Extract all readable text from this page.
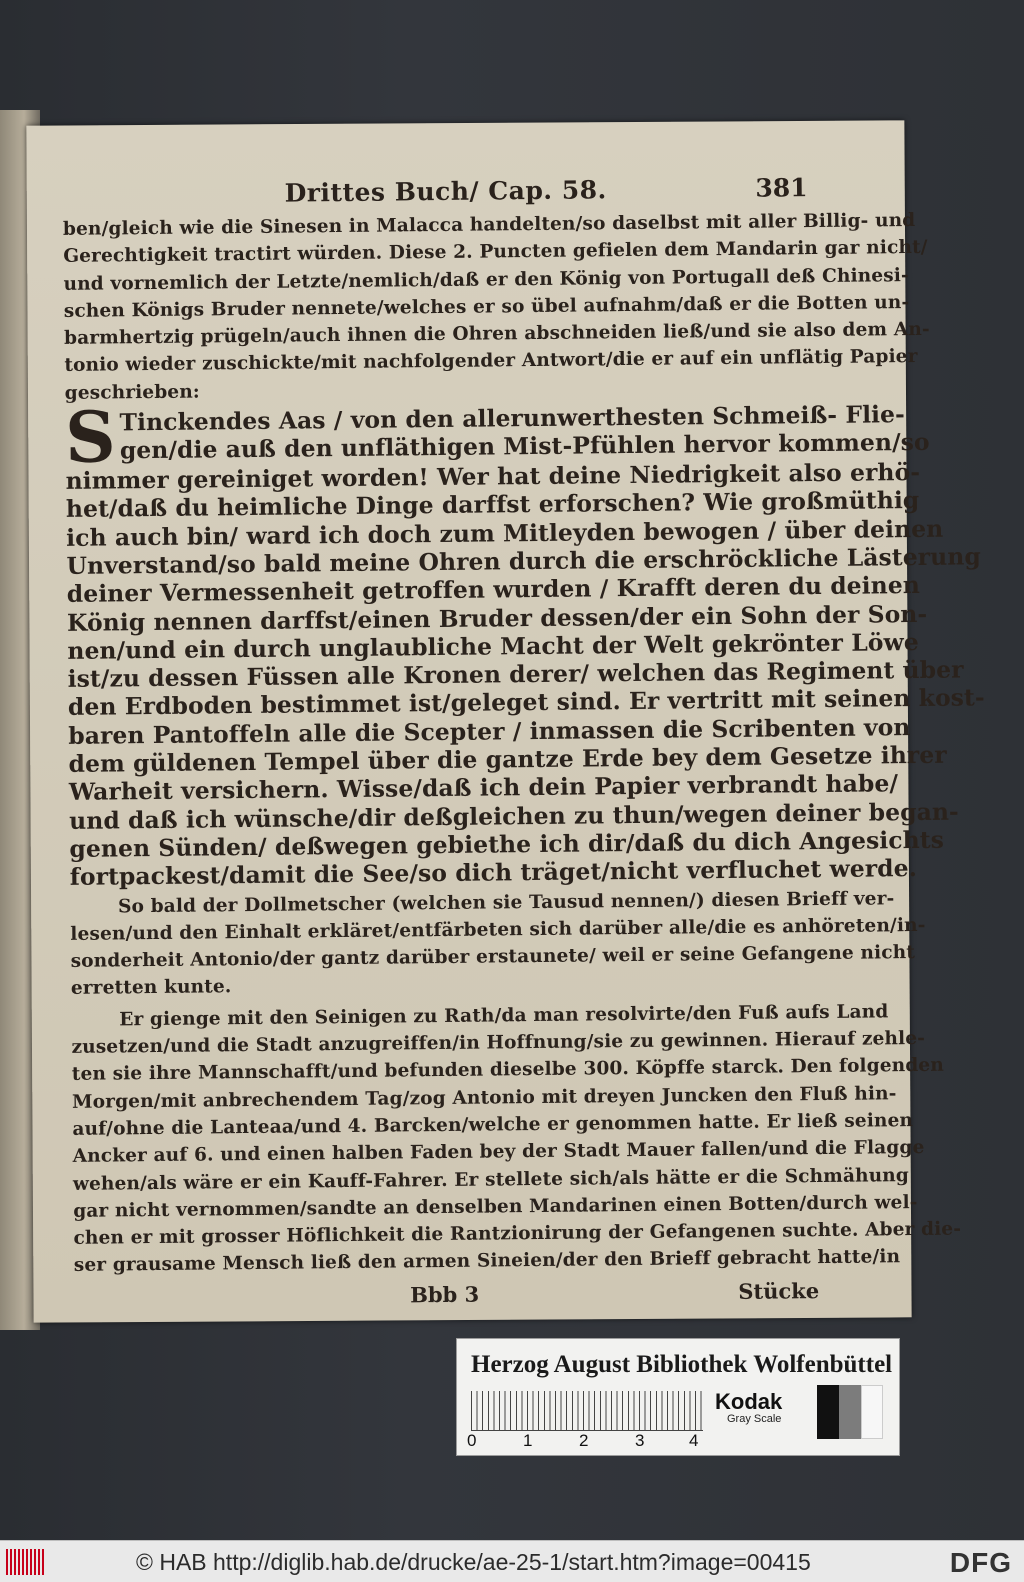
Drittes Buch/ Cap. 58.	381
ben/gleich wie die Sinesen in Malacca handelten/so daselbst mit aller Billig- und
Gerechtigkeit tractirt würden. Diese 2. Puncten gefielen dem Mandarin gar nicht/
und vornemlich der Letzte/nemlich/daß er den König von Portugall deß Chinesi-
schen Königs Bruder nennete/welches er so übel aufnahm/daß er die Botten un-
barmhertzig prügeln/auch ihnen die Ohren abschneiden ließ/und sie also dem An-
tonio wieder zuschickte/mit nachfolgender Antwort/die er auf ein unflätig Papier
geschrieben:
S Tinckendes Aas / von den allerunwerthesten Schmeiß- Flie-
gen/die auß den unfläthigen Mist-Pfühlen hervor kommen/so
nimmer gereiniget worden! Wer hat deine Niedrigkeit also erhö-
het/daß du heimliche Dinge darffst erforschen? Wie großmüthig
ich auch bin/ ward ich doch zum Mitleyden bewogen / über deinen
Unverstand/so bald meine Ohren durch die erschröckliche Lästerung
deiner Vermessenheit getroffen wurden / Krafft deren du deinen
König nennen darffst/einen Bruder dessen/der ein Sohn der Son-
nen/und ein durch unglaubliche Macht der Welt gekrönter Löwe
ist/zu dessen Füssen alle Kronen derer/ welchen das Regiment über
den Erdboden bestimmet ist/geleget sind. Er vertritt mit seinen kost-
baren Pantoffeln alle die Scepter / inmassen die Scribenten von
dem güldenen Tempel über die gantze Erde bey dem Gesetze ihrer
Warheit versichern. Wisse/daß ich dein Papier verbrandt habe/
und daß ich wünsche/dir deßgleichen zu thun/wegen deiner began-
genen Sünden/ deßwegen gebiethe ich dir/daß du dich Angesichts
fortpackest/damit die See/so dich träget/nicht verfluchet werde.
So bald der Dollmetscher (welchen sie Tausud nennen/) diesen Brieff ver-
lesen/und den Einhalt erkläret/entfärbeten sich darüber alle/die es anhöreten/in-
sonderheit Antonio/der gantz darüber erstaunete/ weil er seine Gefangene nicht
erretten kunte.
Er gienge mit den Seinigen zu Rath/da man resolvirte/den Fuß aufs Land
zusetzen/und die Stadt anzugreiffen/in Hoffnung/sie zu gewinnen. Hierauf zehle-
ten sie ihre Mannschafft/und befunden dieselbe 300. Köpffe starck. Den folgenden
Morgen/mit anbrechendem Tag/zog Antonio mit dreyen Juncken den Fluß hin-
auf/ohne die Lanteaa/und 4. Barcken/welche er genommen hatte. Er ließ seinen
Ancker auf 6. und einen halben Faden bey der Stadt Mauer fallen/und die Flagge
wehen/als wäre er ein Kauff-Fahrer. Er stellete sich/als hätte er die Schmähung
gar nicht vernommen/sandte an denselben Mandarinen einen Botten/durch wel-
chen er mit grosser Höflichkeit die Rantzionirung der Gefangenen suchte. Aber die-
ser grausame Mensch ließ den armen Sineien/der den Brieff gebracht hatte/in
Bbb 3	Stücke
Herzog August Bibliothek Wolfenbüttel
0	1	2	3	4
Kodak
Gray Scale
© HAB http://diglib.hab.de/drucke/ae-25-1/start.htm?image=00415	DFG
